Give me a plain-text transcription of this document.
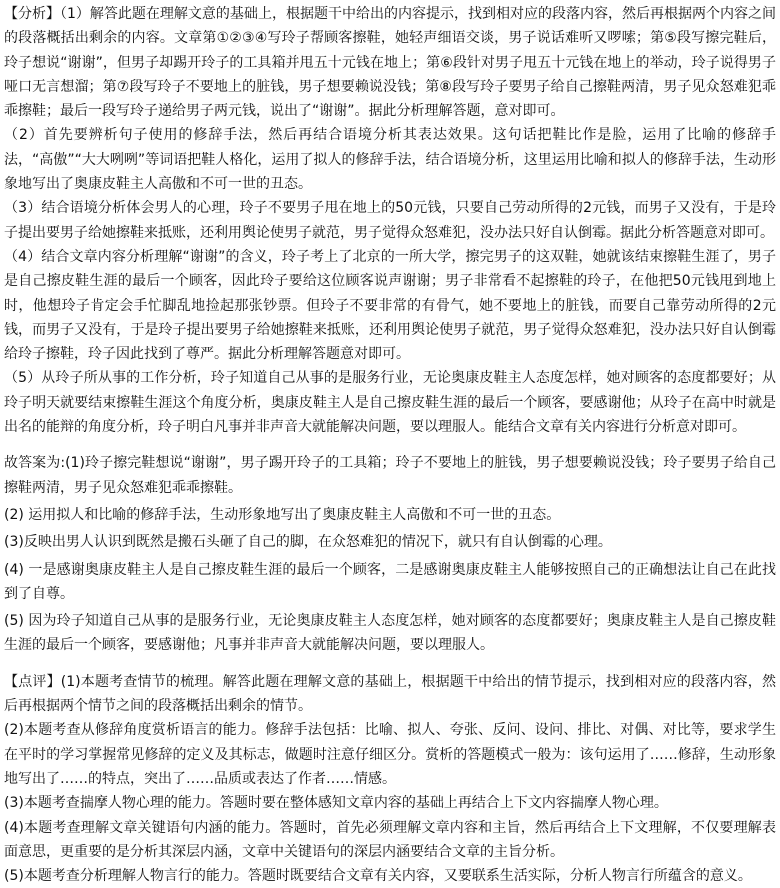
【分析】（1）解答此题在理解文意的基础上，根据题干中给出的内容提示，找到相对应的段落内容，然后再根据两个内容之间的段落概括出剩余的内容。文章第①②③④写玲子帮顾客擦鞋，她轻声细语交谈，男子说话难听又啰嗦；第⑤段写擦完鞋后，玲子想说“谢谢”，但男子却踢开玲子的工具箱并甩五十元钱在地上；第⑥段针对男子甩五十元钱在地上的举动，玲子说得男子哑口无言想溜；第⑦段写玲子不要地上的脏钱，男子想要赖说没钱；第⑧段写玲子要男子给自己擦鞋两清，男子见众怒难犯乖乖擦鞋；最后一段写玲子递给男子两元钱，说出了“谢谢”。据此分析理解答题，意对即可。

（2）首先要辨析句子使用的修辞手法，然后再结合语境分析其表达效果。这句话把鞋比作是脸，运用了比喻的修辞手法，“高傲”“大大咧咧”等词语把鞋人格化，运用了拟人的修辞手法，结合语境分析，这里运用比喻和拟人的修辞手法，生动形象地写出了奥康皮鞋主人高傲和不可一世的丑态。

（3）结合语境分析体会男人的心理，玲子不要男子甩在地上的50元钱，只要自己劳动所得的2元钱，而男子又没有，于是玲子提出要男子给她擦鞋来抵账，还利用舆论使男子就范，男子觉得众怒难犯，没办法只好自认倒霉。据此分析答题意对即可。

（4）结合文章内容分析理解“谢谢”的含义，玲子考上了北京的一所大学，擦完男子的这双鞋，她就该结束擦鞋生涯了，男子是自己擦皮鞋生涯的最后一个顾客，因此玲子要给这位顾客说声谢谢；男子非常看不起擦鞋的玲子，在他把50元钱甩到地上时，他想玲子肯定会手忙脚乱地捡起那张钞票。但玲子不要非常的有骨气，她不要地上的脏钱，而要自己靠劳动所得的2元钱，而男子又没有，于是玲子提出要男子给她擦鞋来抵账，还利用舆论使男子就范，男子觉得众怒难犯，没办法只好自认倒霉给玲子擦鞋，玲子因此找到了尊严。据此分析理解答题意对即可。

（5）从玲子所从事的工作分析，玲子知道自己从事的是服务行业，无论奥康皮鞋主人态度怎样，她对顾客的态度都要好；从玲子明天就要结束擦鞋生涯这个角度分析，奥康皮鞋主人是自己擦皮鞋生涯的最后一个顾客，要感谢他；从玲子在高中时就是出名的能辩的角度分析，玲子明白凡事并非声音大就能解决问题，要以理服人。能结合文章有关内容进行分析意对即可。

故答案为:(1)玲子擦完鞋想说“谢谢”，男子踢开玲子的工具箱；玲子不要地上的脏钱，男子想要赖说没钱；玲子要男子给自己擦鞋两清，男子见众怒难犯乖乖擦鞋。

(2) 运用拟人和比喻的修辞手法，生动形象地写出了奥康皮鞋主人高傲和不可一世的丑态。

(3)反映出男人认识到既然是搬石头砸了自己的脚，在众怒难犯的情况下，就只有自认倒霉的心理。

(4) 一是感谢奥康皮鞋主人是自己擦皮鞋生涯的最后一个顾客，二是感谢奥康皮鞋主人能够按照自己的正确想法让自己在此找到了自尊。

(5) 因为玲子知道自己从事的是服务行业，无论奥康皮鞋主人态度怎样，她对顾客的态度都要好；奥康皮鞋主人是自己擦皮鞋生涯的最后一个顾客，要感谢他；凡事并非声音大就能解决问题，要以理服人。

【点评】(1)本题考查情节的梳理。解答此题在理解文意的基础上，根据题干中给出的情节提示，找到相对应的段落内容，然后再根据两个情节之间的段落概括出剩余的情节。

(2)本题考查从修辞角度赏析语言的能力。修辞手法包括：比喻、拟人、夸张、反问、设问、排比、对偶、对比等，要求学生在平时的学习掌握常见修辞的定义及其标志，做题时注意仔细区分。赏析的答题模式一般为：该句运用了……修辞，生动形象地写出了……的特点，突出了……品质或表达了作者……情感。

(3)本题考查揣摩人物心理的能力。答题时要在整体感知文章内容的基础上再结合上下文内容揣摩人物心理。

(4)本题考查理解文章关键语句内涵的能力。答题时，首先必须理解文章内容和主旨，然后再结合上下文理解，不仅要理解表面意思，更重要的是分析其深层内涵，文章中关键语句的深层内涵要结合文章的主旨分析。

(5)本题考查分析理解人物言行的能力。答题时既要结合文章有关内容，又要联系生活实际，分析人物言行所蕴含的意义。
